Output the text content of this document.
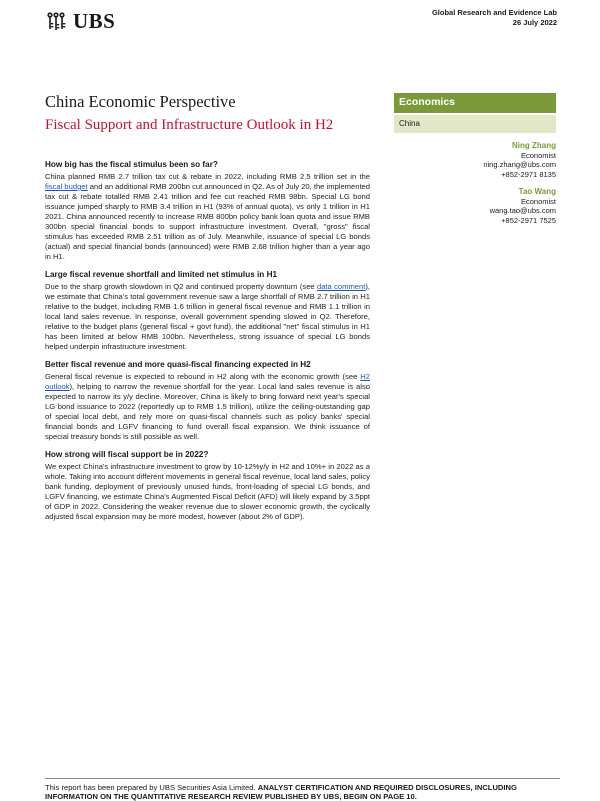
UBS	Global Research and Evidence Lab
26 July 2022
China Economic Perspective
Fiscal Support and Infrastructure Outlook in H2
Economics
China
Ning Zhang
Economist
ning.zhang@ubs.com
+852-2971 8135
Tao Wang
Economist
wang.tao@ubs.com
+852-2971 7525
How big has the fiscal stimulus been so far?

China planned RMB 2.7 trillion tax cut & rebate in 2022, including RMB 2.5 trillion set in the fiscal budget and an additional RMB 200bn cut announced in Q2. As of July 20, the implemented tax cut & rebate totalled RMB 2.41 trillion and fee cut reached RMB 98bn. Special LG bond issuance jumped sharply to RMB 3.4 trillion in H1 (93% of annual quota), vs only 1 trillion in H1 2021. China announced recently to increase RMB 800bn policy bank loan quota and issue RMB 300bn special financial bonds to support infrastructure investment. Overall, "gross" fiscal stimulus has exceeded RMB 2.51 trillion as of July. Meanwhile, issuance of special LG bonds (actual) and special financial bonds (announced) were RMB 2.68 trillion higher than a year ago in H1.

Large fiscal revenue shortfall and limited net stimulus in H1

Due to the sharp growth slowdown in Q2 and continued property downturn (see data comment), we estimate that China's total government revenue saw a large shortfall of RMB 2.7 trillion in H1 relative to the budget, including RMB 1.6 trillion in general fiscal revenue and RMB 1.1 trillion in local land sales revenue. In response, overall government spending slowed in Q2. Therefore, relative to the budget plans (general fiscal + govt fund), the additional "net" fiscal stimulus in H1 has been limited at below RMB 100bn. Nevertheless, strong issuance of special LG bonds helped underpin infrastructure investment.

Better fiscal revenue and more quasi-fiscal financing expected in H2

General fiscal revenue is expected to rebound in H2 along with the economic growth (see H2 outlook), helping to narrow the revenue shortfall for the year. Local land sales revenue is also expected to narrow its y/y decline. Moreover, China is likely to bring forward next year's special LG bond issuance to 2022 (reportedly up to RMB 1.5 trillion), utilize the ceiling-outstanding gap of special local debt, and rely more on quasi-fiscal channels such as policy banks' special financial bonds and LGFV financing to fund overall fiscal expansion. We think issuance of special treasury bonds is still possible as well.

How strong will fiscal support be in 2022?

We expect China's infrastructure investment to grow by 10-12%y/y in H2 and 10%+ in 2022 as a whole. Taking into account different movements in general fiscal revenue, local land sales, policy bank funding, deployment of previously unused funds, front-loading of special LG bonds, and LGFV financing, we estimate China's Augmented Fiscal Deficit (AFD) will likely expand by 3.5ppt of GDP in 2022. Considering the weaker revenue due to slower economic growth, the cyclically adjusted fiscal expansion may be more modest, however (about 2% of GDP).

This report has been prepared by UBS Securities Asia Limited. ANALYST CERTIFICATION AND REQUIRED DISCLOSURES, INCLUDING INFORMATION ON THE QUANTITATIVE RESEARCH REVIEW PUBLISHED BY UBS, BEGIN ON PAGE 10.
